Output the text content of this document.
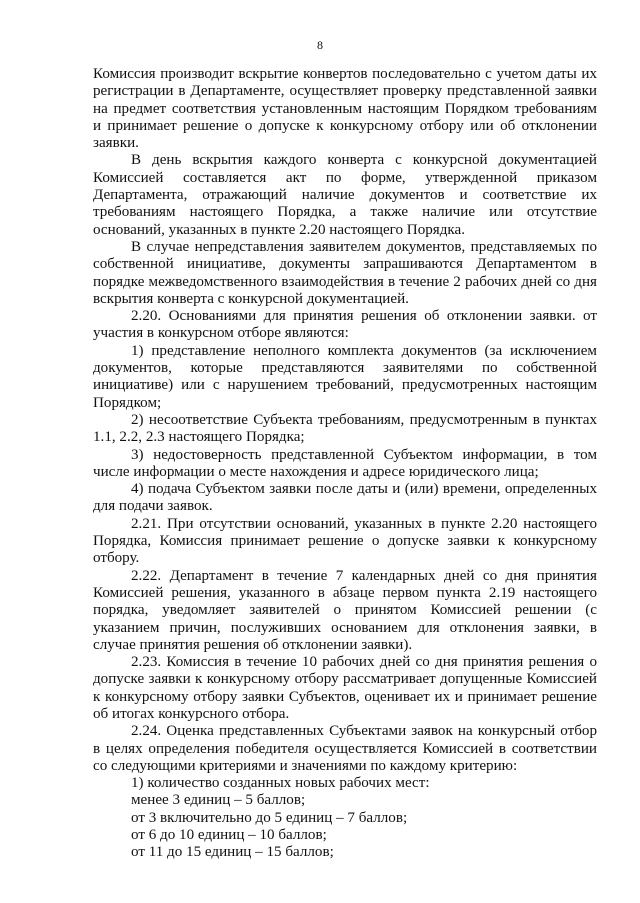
8

Комиссия производит вскрытие конвертов последовательно с учетом даты их регистрации в Департаменте, осуществляет проверку представленной заявки на предмет соответствия установленным настоящим Порядком требованиям и принимает решение о допуске к конкурсному отбору или об отклонении заявки.

В день вскрытия каждого конверта с конкурсной документацией Комиссией составляется акт по форме, утвержденной приказом Департамента, отражающий наличие документов и соответствие их требованиям настоящего Порядка, а также наличие или отсутствие оснований, указанных в пункте 2.20 настоящего Порядка.

В случае непредставления заявителем документов, представляемых по собственной инициативе, документы запрашиваются Департаментом в порядке межведомственного взаимодействия в течение 2 рабочих дней со дня вскрытия конверта с конкурсной документацией.

2.20. Основаниями для принятия решения об отклонении заявки. от участия в конкурсном отборе являются:

1) представление неполного комплекта документов (за исключением документов, которые представляются заявителями по собственной инициативе) или с нарушением требований, предусмотренных настоящим Порядком;

2) несоответствие Субъекта требованиям, предусмотренным в пунктах 1.1, 2.2, 2.3 настоящего Порядка;

3) недостоверность представленной Субъектом информации, в том числе информации о месте нахождения и адресе юридического лица;

4) подача Субъектом заявки после даты и (или) времени, определенных для подачи заявок.

2.21. При отсутствии оснований, указанных в пункте 2.20 настоящего Порядка, Комиссия принимает решение о допуске заявки к конкурсному отбору.

2.22. Департамент в течение 7 календарных дней со дня принятия Комиссией решения, указанного в абзаце первом пункта 2.19 настоящего порядка, уведомляет заявителей о принятом Комиссией решении (с указанием причин, послуживших основанием для отклонения заявки, в случае принятия решения об отклонении заявки).

2.23. Комиссия в течение 10 рабочих дней со дня принятия решения о допуске заявки к конкурсному отбору рассматривает допущенные Комиссией к конкурсному отбору заявки Субъектов, оценивает их и принимает решение об итогах конкурсного отбора.

2.24. Оценка представленных Субъектами заявок на конкурсный отбор в целях определения победителя осуществляется Комиссией в соответствии со следующими критериями и значениями по каждому критерию:

1) количество созданных новых рабочих мест:

менее 3 единиц – 5 баллов;

от 3 включительно до 5 единиц – 7 баллов;

от 6 до 10 единиц – 10 баллов;

от 11 до 15 единиц – 15 баллов;
